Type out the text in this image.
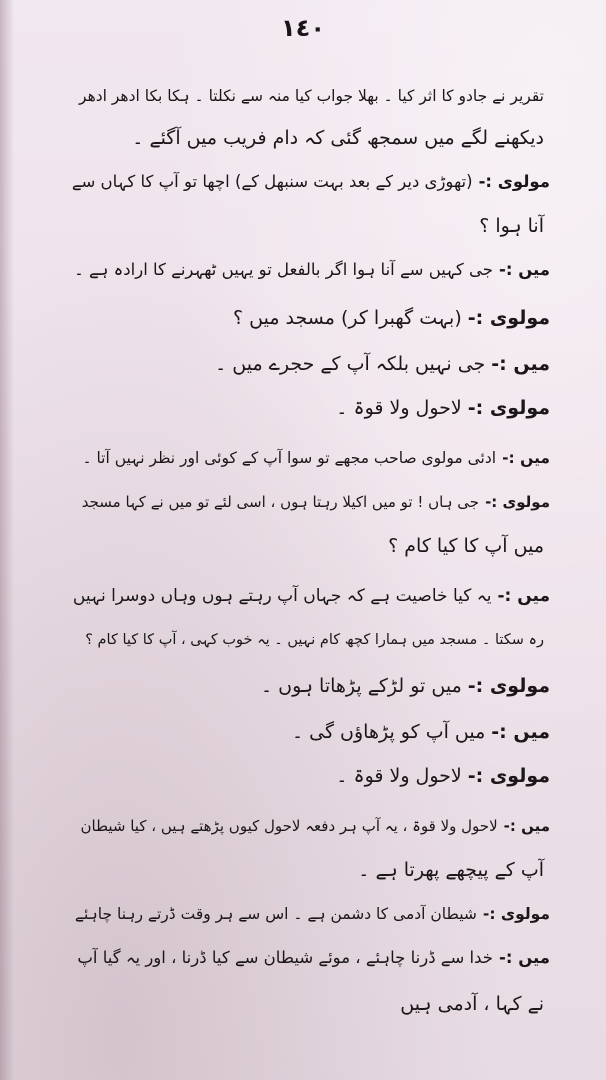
١٤٠
تقریر نے جادو کا اثر کیا ۔ بھلا جواب کیا منہ سے نکلتا ۔ ہکا بکا ادھر ادھر
دیکھنے لگے میں سمجھ گئی کہ دام فریب میں آگئے ۔
مولوی :-(تھوڑی دیر کے بعد بہت سنبھل کے) اچھا تو آپ کا کہاں سے
آنا ہوا ؟
میں :-جی کہیں سے آنا ہوا اگر بالفعل تو یہیں ٹھہرنے کا ارادہ ہے ۔
مولوی :-(بہت گھبرا کر) مسجد میں ؟
میں :-جی نہیں بلکہ آپ کے حجرے میں ۔
مولوی :-لاحول ولا قوۃ ۔
میں :-ادئی مولوی صاحب مجھے تو سوا آپ کے کوئی اور نظر نہیں آتا ۔
مولوی :-جی ہاں ! تو میں اکیلا رہتا ہوں ، اسی لئے تو میں نے کہا مسجد
میں آپ کا کیا کام ؟
میں :-یہ کیا خاصیت ہے کہ جہاں آپ رہتے ہوں وہاں دوسرا نہیں
رہ سکتا ۔ مسجد میں ہمارا کچھ کام نہیں ۔ یہ خوب کہی ، آپ کا کیا کام ؟
مولوی :-میں تو لڑکے پڑھاتا ہوں ۔
میں :-میں آپ کو پڑھاؤں گی ۔
مولوی :-لاحول ولا قوۃ ۔
میں :-لاحول ولا قوۃ ، یہ آپ ہر دفعہ لاحول کیوں پڑھتے ہیں ، کیا شیطان
آپ کے پیچھے پھرتا ہے ۔
مولوی :-شیطان آدمی کا دشمن ہے ۔ اس سے ہر وقت ڈرتے رہنا چاہئے
میں :-خدا سے ڈرنا چاہئے ، موئے شیطان سے کیا ڈرنا ، اور یہ گیا آپ
نے کہا ، آدمی ہیں
